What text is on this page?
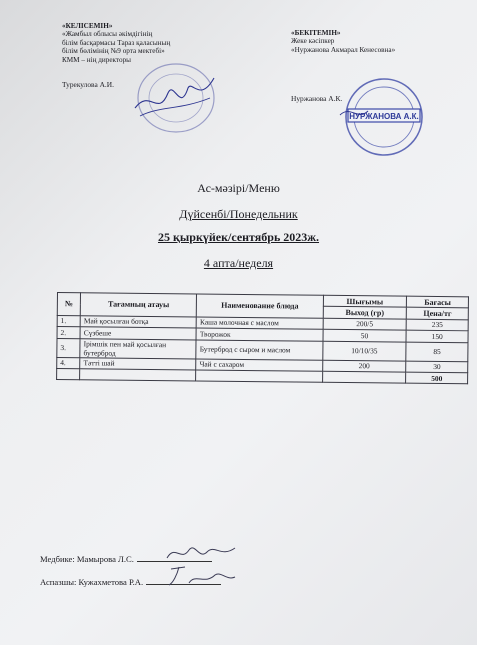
«КЕЛІСЕМІН»
«Жамбыл облысы әкімдігінің
білім басқармасы Тараз қаласының
білім бөлімінің №9 орта мектебі»
КММ – нің директоры
Турекулова А.И.
«БЕКІТЕМІН»
Жеке кәсіпкер
«Нуржанова Акмарал Кенесовна»
Нуржанова А.К.
НУРЖАНОВА А.К.
Ас-мәзірі/Меню
Дүйсенбі/Понедельник
25 қыркүйек/сентябрь 2023ж.
4 апта/неделя
№	Тағамның атауы	Наименование блюда	Шығымы	Бағасы
			Выход (гр)	Цена/тг
1.	Май қосылған ботқа	Каша молочная с маслом	200/5	235
2.	Сүзбеше	Творожок	50	150
3.	Ірімшік пен май қосылған бутерброд	Бутерброд с сыром и маслом	10/10/35	85
4.	Тәтті шай	Чай с сахаром	200	30
				500
Медбике: Мамырова Л.С.
Аспазшы: Кужахметова Р.А.
